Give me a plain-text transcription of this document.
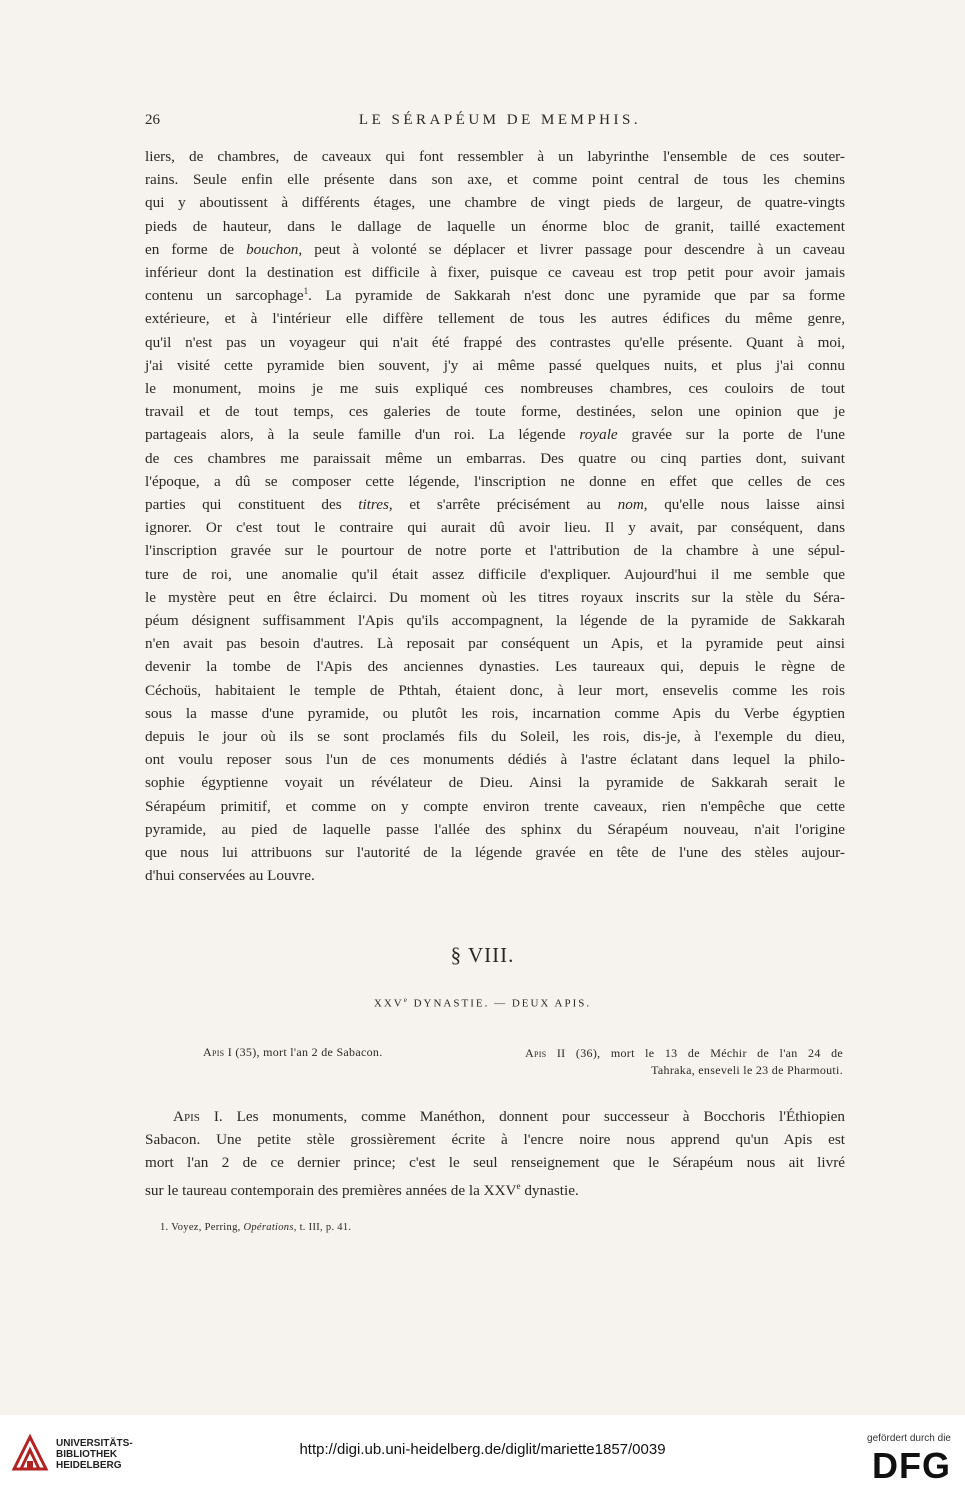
26	LE SÉRAPÉUM DE MEMPHIS.
liers, de chambres, de caveaux qui font ressembler à un labyrinthe l'ensemble de ces souter-
rains. Seule enfin elle présente dans son axe, et comme point central de tous les chemins
qui y aboutissent à différents étages, une chambre de vingt pieds de largeur, de quatre-vingts
pieds de hauteur, dans le dallage de laquelle un énorme bloc de granit, taillé exactement
en forme de bouchon, peut à volonté se déplacer et livrer passage pour descendre à un caveau
inférieur dont la destination est difficile à fixer, puisque ce caveau est trop petit pour avoir jamais
contenu un sarcophage$^1$. La pyramide de Sakkarah n'est donc une pyramide que par sa forme
extérieure, et à l'intérieur elle diffère tellement de tous les autres édifices du même genre,
qu'il n'est pas un voyageur qui n'ait été frappé des contrastes qu'elle présente. Quant à moi,
j'ai visité cette pyramide bien souvent, j'y ai même passé quelques nuits, et plus j'ai connu
le monument, moins je me suis expliqué ces nombreuses chambres, ces couloirs de tout
travail et de tout temps, ces galeries de toute forme, destinées, selon une opinion que je
partageais alors, à la seule famille d'un roi. La légende royale gravée sur la porte de l'une
de ces chambres me paraissait même un embarras. Des quatre ou cinq parties dont, suivant
l'époque, a dû se composer cette légende, l'inscription ne donne en effet que celles de ces
parties qui constituent des titres, et s'arrête précisément au nom, qu'elle nous laisse ainsi
ignorer. Or c'est tout le contraire qui aurait dû avoir lieu. Il y avait, par conséquent, dans
l'inscription gravée sur le pourtour de notre porte et l'attribution de la chambre à une sépul-
ture de roi, une anomalie qu'il était assez difficile d'expliquer. Aujourd'hui il me semble que
le mystère peut en être éclairci. Du moment où les titres royaux inscrits sur la stèle du Séra-
péum désignent suffisamment l'Apis qu'ils accompagnent, la légende de la pyramide de Sakkarah
n'en avait pas besoin d'autres. Là reposait par conséquent un Apis, et la pyramide peut ainsi
devenir la tombe de l'Apis des anciennes dynasties. Les taureaux qui, depuis le règne de
Céchoüs, habitaient le temple de Pthtah, étaient donc, à leur mort, ensevelis comme les rois
sous la masse d'une pyramide, ou plutôt les rois, incarnation comme Apis du Verbe égyptien
depuis le jour où ils se sont proclamés fils du Soleil, les rois, dis-je, à l'exemple du dieu,
ont voulu reposer sous l'un de ces monuments dédiés à l'astre éclatant dans lequel la philo-
sophie égyptienne voyait un révélateur de Dieu. Ainsi la pyramide de Sakkarah serait le
Sérapéum primitif, et comme on y compte environ trente caveaux, rien n'empêche que cette
pyramide, au pied de laquelle passe l'allée des sphinx du Sérapéum nouveau, n'ait l'origine
que nous lui attribuons sur l'autorité de la légende gravée en tête de l'une des stèles aujour-
d'hui conservées au Louvre.
§ VIII.
XXVe DYNASTIE. — DEUX APIS.
Apis I (35), mort l'an 2 de Sabacon.	Apis II (36), mort le 13 de Méchir de l'an 24 de
Tahraka, enseveli le 23 de Pharmouti.
Apis I. Les monuments, comme Manéthon, donnent pour successeur à Bocchoris l'Éthiopien
Sabacon. Une petite stèle grossièrement écrite à l'encre noire nous apprend qu'un Apis est
mort l'an 2 de ce dernier prince; c'est le seul renseignement que le Sérapéum nous ait livré
sur le taureau contemporain des premières années de la XXVe dynastie.
1. Voyez, Perring, Opérations, t. III, p. 41.
UNIVERSITÄTS-
BIBLIOTHEK
HEIDELBERG
http://digi.ub.uni-heidelberg.de/diglit/mariette1857/0039
gefördert durch die
DFG
